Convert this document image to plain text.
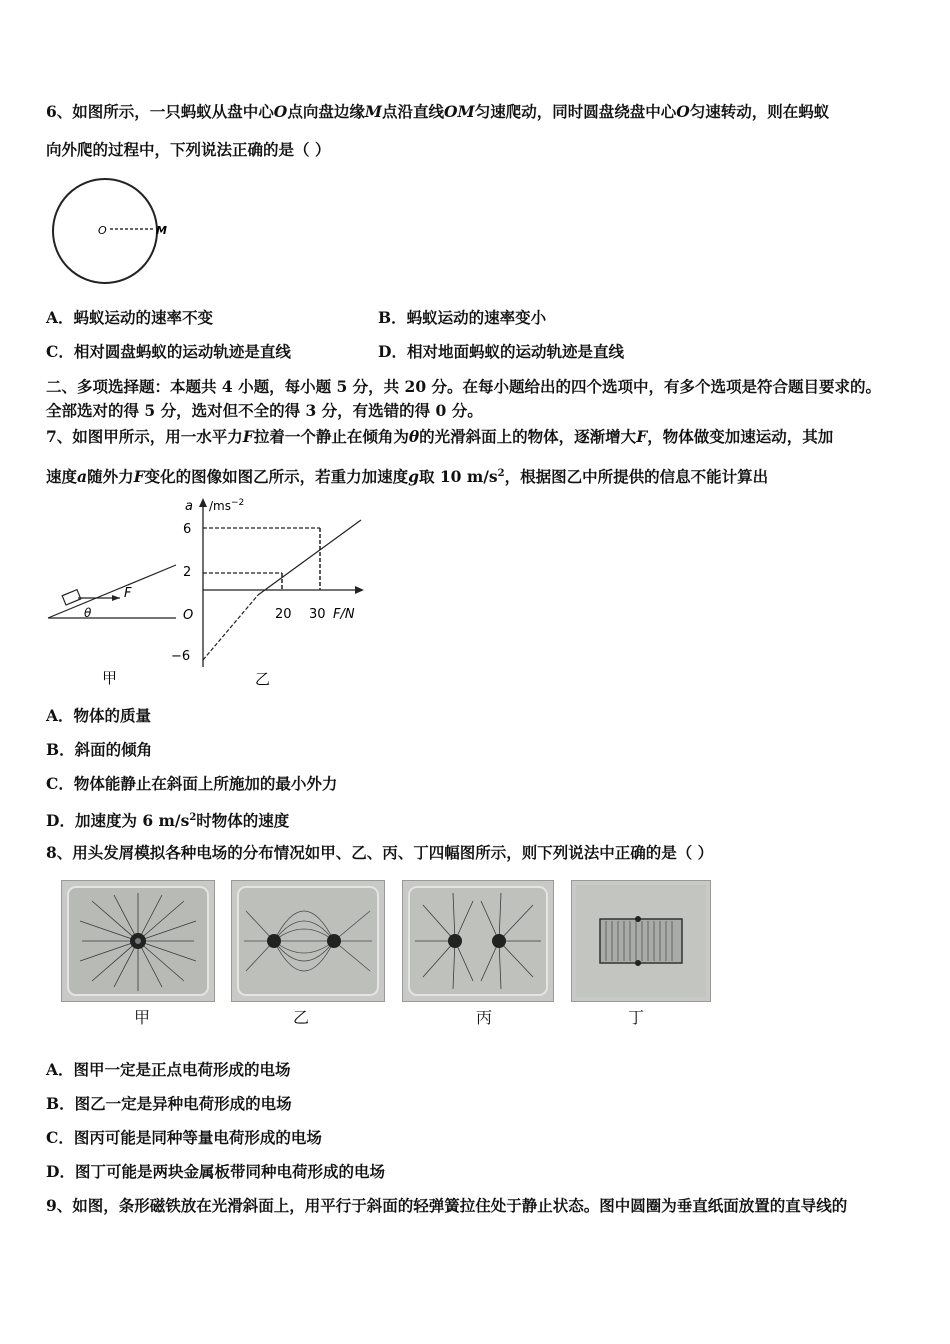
6、如图所示，一只蚂蚁从盘中心O点向盘边缘M点沿直线OM匀速爬动，同时圆盘绕盘中心O匀速转动，则在蚂蚁
向外爬的过程中，下列说法正确的是（ ）
O	M
A．蚂蚁运动的速率不变	B．蚂蚁运动的速率变小
C．相对圆盘蚂蚁的运动轨迹是直线	D．相对地面蚂蚁的运动轨迹是直线
二、多项选择题：本题共 4 小题，每小题 5 分，共 20 分。在每小题给出的四个选项中，有多个选项是符合题目要求的。
全部选对的得 5 分，选对但不全的得 3 分，有选错的得 0 分。
7、如图甲所示，用一水平力F拉着一个静止在倾角为θ的光滑斜面上的物体，逐渐增大F，物体做变加速运动，其加
速度a随外力F变化的图像如图乙所示，若重力加速度g取 10 $m/s^2$，根据图乙中所提供的信息不能计算出
F
θ
甲
a $/ms^{-2}$
6
2
O
−6
20 30 F/N
乙
A．物体的质量
B．斜面的倾角
C．物体能静止在斜面上所施加的最小外力
D．加速度为 6 $m/s^2$时物体的速度
8、用头发屑模拟各种电场的分布情况如甲、乙、丙、丁四幅图所示，则下列说法中正确的是（ ）
甲	乙	丙	丁
A．图甲一定是正点电荷形成的电场
B．图乙一定是异种电荷形成的电场
C．图丙可能是同种等量电荷形成的电场
D．图丁可能是两块金属板带同种电荷形成的电场
9、如图，条形磁铁放在光滑斜面上，用平行于斜面的轻弹簧拉住处于静止状态。图中圆圈为垂直纸面放置的直导线的
